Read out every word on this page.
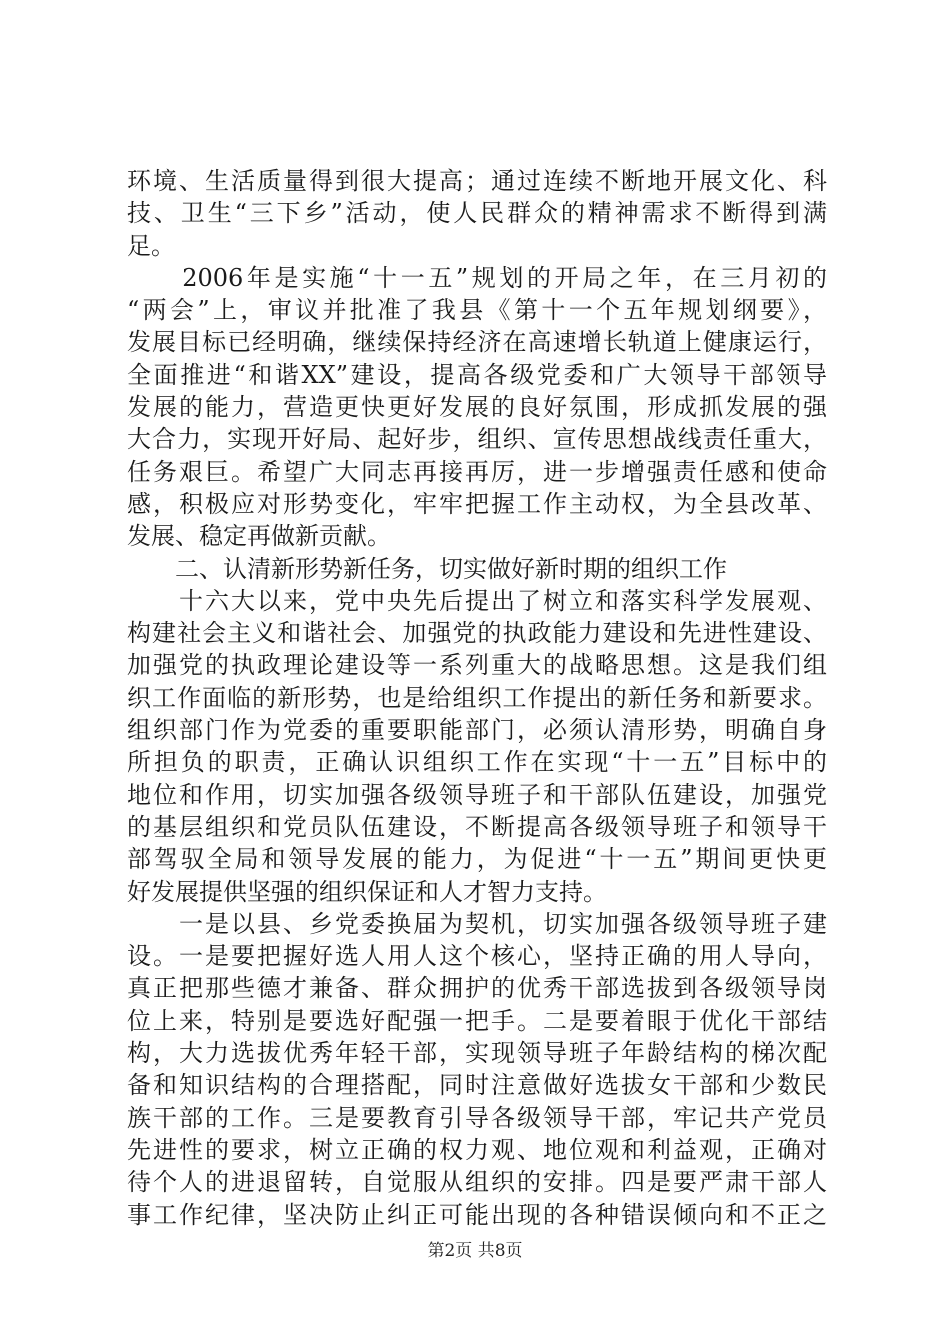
环境、生活质量得到很大提高；通过连续不断地开展文化、科
技、卫生“三下乡”活动，使人民群众的精神需求不断得到满
足。
　　2006年是实施“十一五”规划的开局之年，在三月初的
“两会”上，审议并批准了我县《第十一个五年规划纲要》，
发展目标已经明确，继续保持经济在高速增长轨道上健康运行，
全面推进“和谐XX”建设，提高各级党委和广大领导干部领导
发展的能力，营造更快更好发展的良好氛围，形成抓发展的强
大合力，实现开好局、起好步，组织、宣传思想战线责任重大，
任务艰巨。希望广大同志再接再厉，进一步增强责任感和使命
感，积极应对形势变化，牢牢把握工作主动权，为全县改革、
发展、稳定再做新贡献。
　　二、认清新形势新任务，切实做好新时期的组织工作
　　十六大以来，党中央先后提出了树立和落实科学发展观、
构建社会主义和谐社会、加强党的执政能力建设和先进性建设、
加强党的执政理论建设等一系列重大的战略思想。这是我们组
织工作面临的新形势，也是给组织工作提出的新任务和新要求。
组织部门作为党委的重要职能部门，必须认清形势，明确自身
所担负的职责，正确认识组织工作在实现“十一五”目标中的
地位和作用，切实加强各级领导班子和干部队伍建设，加强党
的基层组织和党员队伍建设，不断提高各级领导班子和领导干
部驾驭全局和领导发展的能力，为促进“十一五”期间更快更
好发展提供坚强的组织保证和人才智力支持。
　　一是以县、乡党委换届为契机，切实加强各级领导班子建
设。一是要把握好选人用人这个核心，坚持正确的用人导向，
真正把那些德才兼备、群众拥护的优秀干部选拔到各级领导岗
位上来，特别是要选好配强一把手。二是要着眼于优化干部结
构，大力选拔优秀年轻干部，实现领导班子年龄结构的梯次配
备和知识结构的合理搭配，同时注意做好选拔女干部和少数民
族干部的工作。三是要教育引导各级领导干部，牢记共产党员
先进性的要求，树立正确的权力观、地位观和利益观，正确对
待个人的进退留转，自觉服从组织的安排。四是要严肃干部人
事工作纪律，坚决防止纠正可能出现的各种错误倾向和不正之
第2页 共8页
